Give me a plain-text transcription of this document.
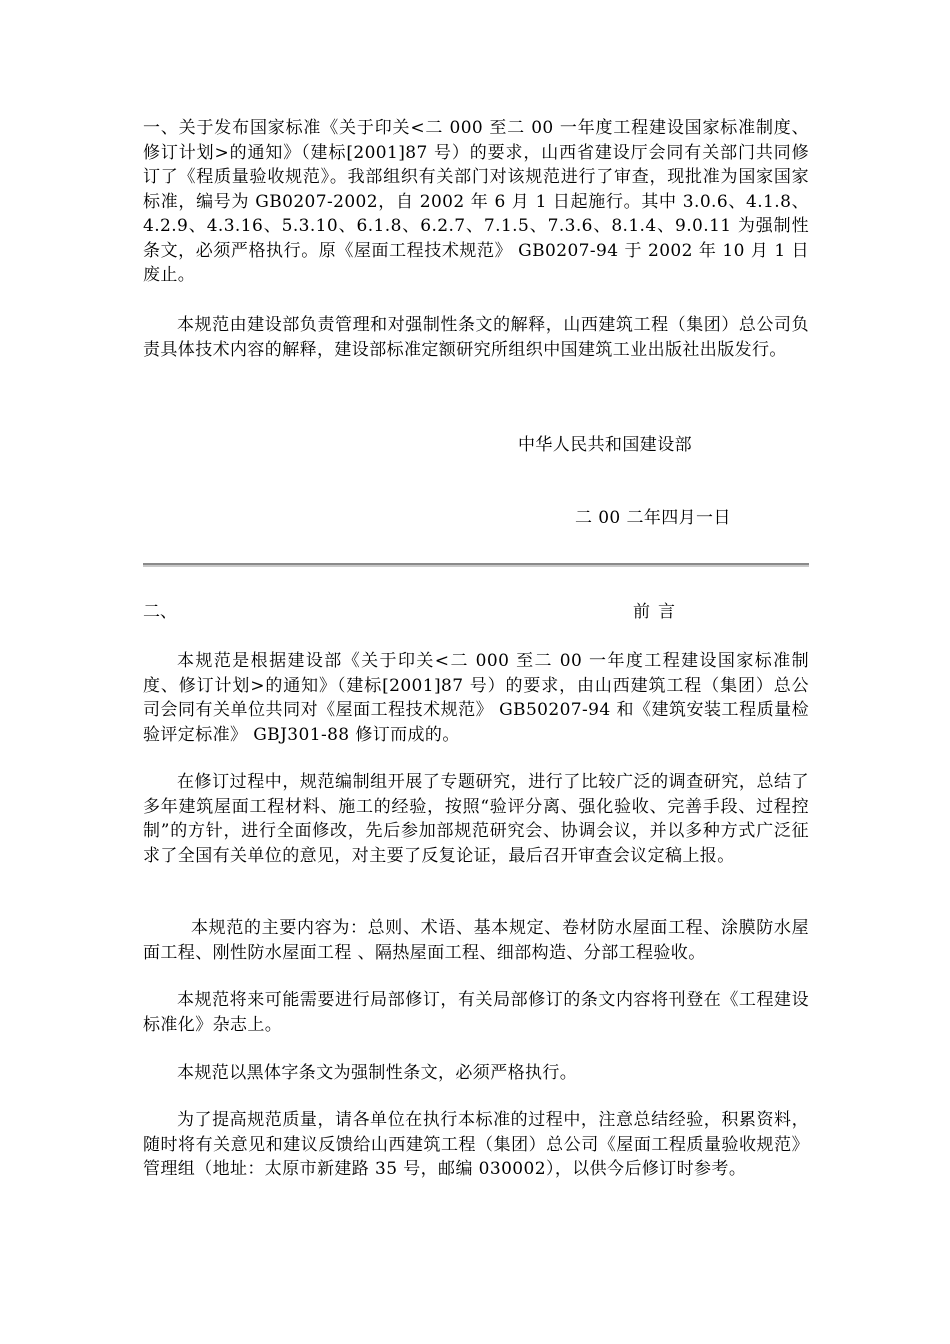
一、关于发布国家标准《关于印关<二 000 至二 00 一年度工程建设国家标准制度、修订计划>的通知》（建标[2001]87 号）的要求，山西省建设厅会同有关部门共同修订了《程质量验收规范》。我部组织有关部门对该规范进行了审查，现批准为国家国家标准，编号为 GB0207-2002，自 2002 年 6 月 1 日起施行。其中 3.0.6、4.1.8、4.2.9、4.3.16、5.3.10、6.1.8、6.2.7、7.1.5、7.3.6、8.1.4、9.0.11 为强制性条文，必须严格执行。原《屋面工程技术规范》 GB0207-94 于 2002 年 10 月 1 日废止。

本规范由建设部负责管理和对强制性条文的解释，山西建筑工程（集团）总公司负责具体技术内容的解释，建设部标准定额研究所组织中国建筑工业出版社出版发行。

中华人民共和国建设部

二 00 二年四月一日

二、	前言

本规范是根据建设部《关于印关<二 000 至二 00 一年度工程建设国家标准制度、修订计划>的通知》（建标[2001]87 号）的要求，由山西建筑工程（集团）总公司会同有关单位共同对《屋面工程技术规范》 GB50207-94 和《建筑安装工程质量检验评定标准》 GBJ301-88 修订而成的。

在修订过程中，规范编制组开展了专题研究，进行了比较广泛的调查研究，总结了多年建筑屋面工程材料、施工的经验，按照“验评分离、强化验收、完善手段、过程控制”的方针，进行全面修改，先后参加部规范研究会、协调会议，并以多种方式广泛征求了全国有关单位的意见，对主要了反复论证，最后召开审查会议定稿上报。

本规范的主要内容为：总则、术语、基本规定、卷材防水屋面工程、涂膜防水屋面工程、刚性防水屋面工程 、隔热屋面工程、细部构造、分部工程验收。

本规范将来可能需要进行局部修订，有关局部修订的条文内容将刊登在《工程建设标准化》杂志上。

本规范以黑体字条文为强制性条文，必须严格执行。

为了提高规范质量，请各单位在执行本标准的过程中，注意总结经验，积累资料，随时将有关意见和建议反馈给山西建筑工程（集团）总公司《屋面工程质量验收规范》管理组（地址：太原市新建路 35 号，邮编 030002），以供今后修订时参考。
